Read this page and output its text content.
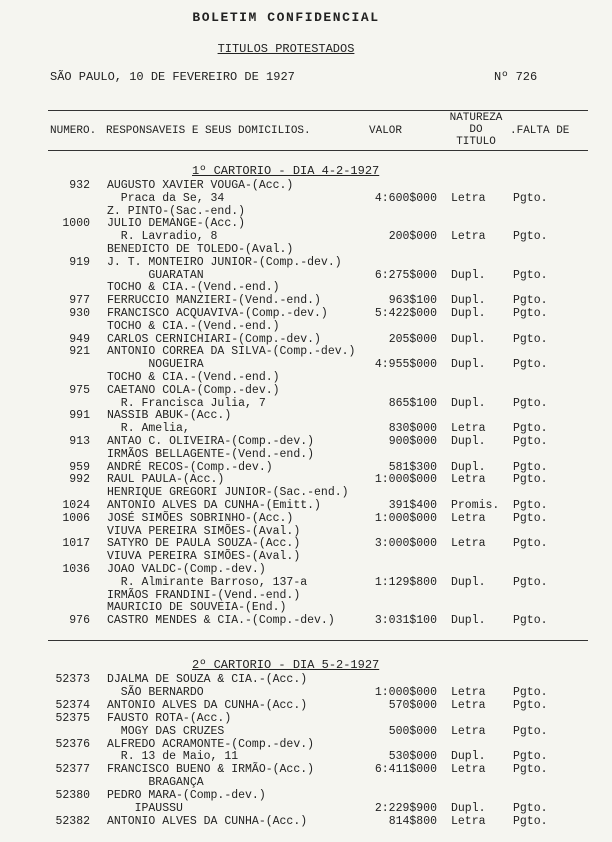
BOLETIM CONFIDENCIAL
TITULOS PROTESTADOS
SÃO PAULO, 10 DE FEVEREIRO DE 1927	Nº 726
NUMERO. RESPONSAVEIS E SEUS DOMICILIOS.	VALOR
NATUREZA
DO
TITULO
.FALTA DE
1º CARTORIO - DIA 4-2-1927
2º CARTORIO - DIA 5-2-1927
932 AUGUSTO XAVIER VOUGA-(Acc.)
Praca da Se, 34	4:600$000 Letra Pgto.
Z. PINTO-(Sac.-end.)
1000 JULIO DEMANGE-(Acc.)
R. Lavradio, 8	200$000 Letra Pgto.
BENEDICTO DE TOLEDO-(Aval.)
919 J. T. MONTEIRO JUNIOR-(Comp.-dev.)
GUARATAN	6:275$000 Dupl. Pgto.
TOCHO & CIA.-(Vend.-end.)
977 FERRUCCIO MANZIERI-(Vend.-end.)	963$100 Dupl. Pgto.
930 FRANCISCO ACQUAVIVA-(Comp.-dev.)	5:422$000 Dupl. Pgto.
TOCHO & CIA.-(Vend.-end.)
949 CARLOS CERNICHIARI-(Comp.-dev.)	205$000 Dupl. Pgto.
921 ANTONIO CORREA DA SILVA-(Comp.-dev.)
NOGUEIRA	4:955$000 Dupl. Pgto.
TOCHO & CIA.-(Vend.-end.)
975 CAETANO COLA-(Comp.-dev.)
R. Francisca Julia, 7	865$100 Dupl. Pgto.
991 NASSIB ABUK-(Acc.)
R. Amelia,	830$000 Letra Pgto.
913 ANTAO C. OLIVEIRA-(Comp.-dev.)	900$000 Dupl. Pgto.
IRMÃOS BELLAGENTE-(Vend.-end.)
959 ANDRÉ RECOS-(Comp.-dev.)	581$300 Dupl. Pgto.
992 RAUL PAULA-(Acc.)	1:000$000 Letra Pgto.
HENRIQUE GREGORI JUNIOR-(Sac.-end.)
1024 ANTONIO ALVES DA CUNHA-(Emitt.)	391$400 Promis. Pgto.
1006 JOSÉ SIMÕES SOBRINHO-(Acc.)	1:000$000 Letra Pgto.
VIUVA PEREIRA SIMÕES-(Aval.)
1017 SATYRO DE PAULA SOUZA-(Acc.)	3:000$000 Letra Pgto.
VIUVA PEREIRA SIMÕES-(Aval.)
1036 JOAO VALDC-(Comp.-dev.)
R. Almirante Barroso, 137-a	1:129$800 Dupl. Pgto.
IRMÃOS FRANDINI-(Vend.-end.)
MAURICIO DE SOUVEIA-(End.)
976 CASTRO MENDES & CIA.-(Comp.-dev.)	3:031$100 Dupl. Pgto.
52373 DJALMA DE SOUZA & CIA.-(Acc.)
SÃO BERNARDO	1:000$000 Letra Pgto.
52374 ANTONIO ALVES DA CUNHA-(Acc.)	570$000 Letra Pgto.
52375 FAUSTO ROTA-(Acc.)
MOGY DAS CRUZES	500$000 Letra Pgto.
52376 ALFREDO ACRAMONTE-(Comp.-dev.)
R. 13 de Maio, 11	530$000 Dupl. Pgto.
52377 FRANCISCO BUENO & IRMÃO-(Acc.)	6:411$000 Letra Pgto.
BRAGANÇA
52380 PEDRO MARA-(Comp.-dev.)
IPAUSSU	2:229$900 Dupl. Pgto.
52382 ANTONIO ALVES DA CUNHA-(Acc.)	814$800 Letra Pgto.
